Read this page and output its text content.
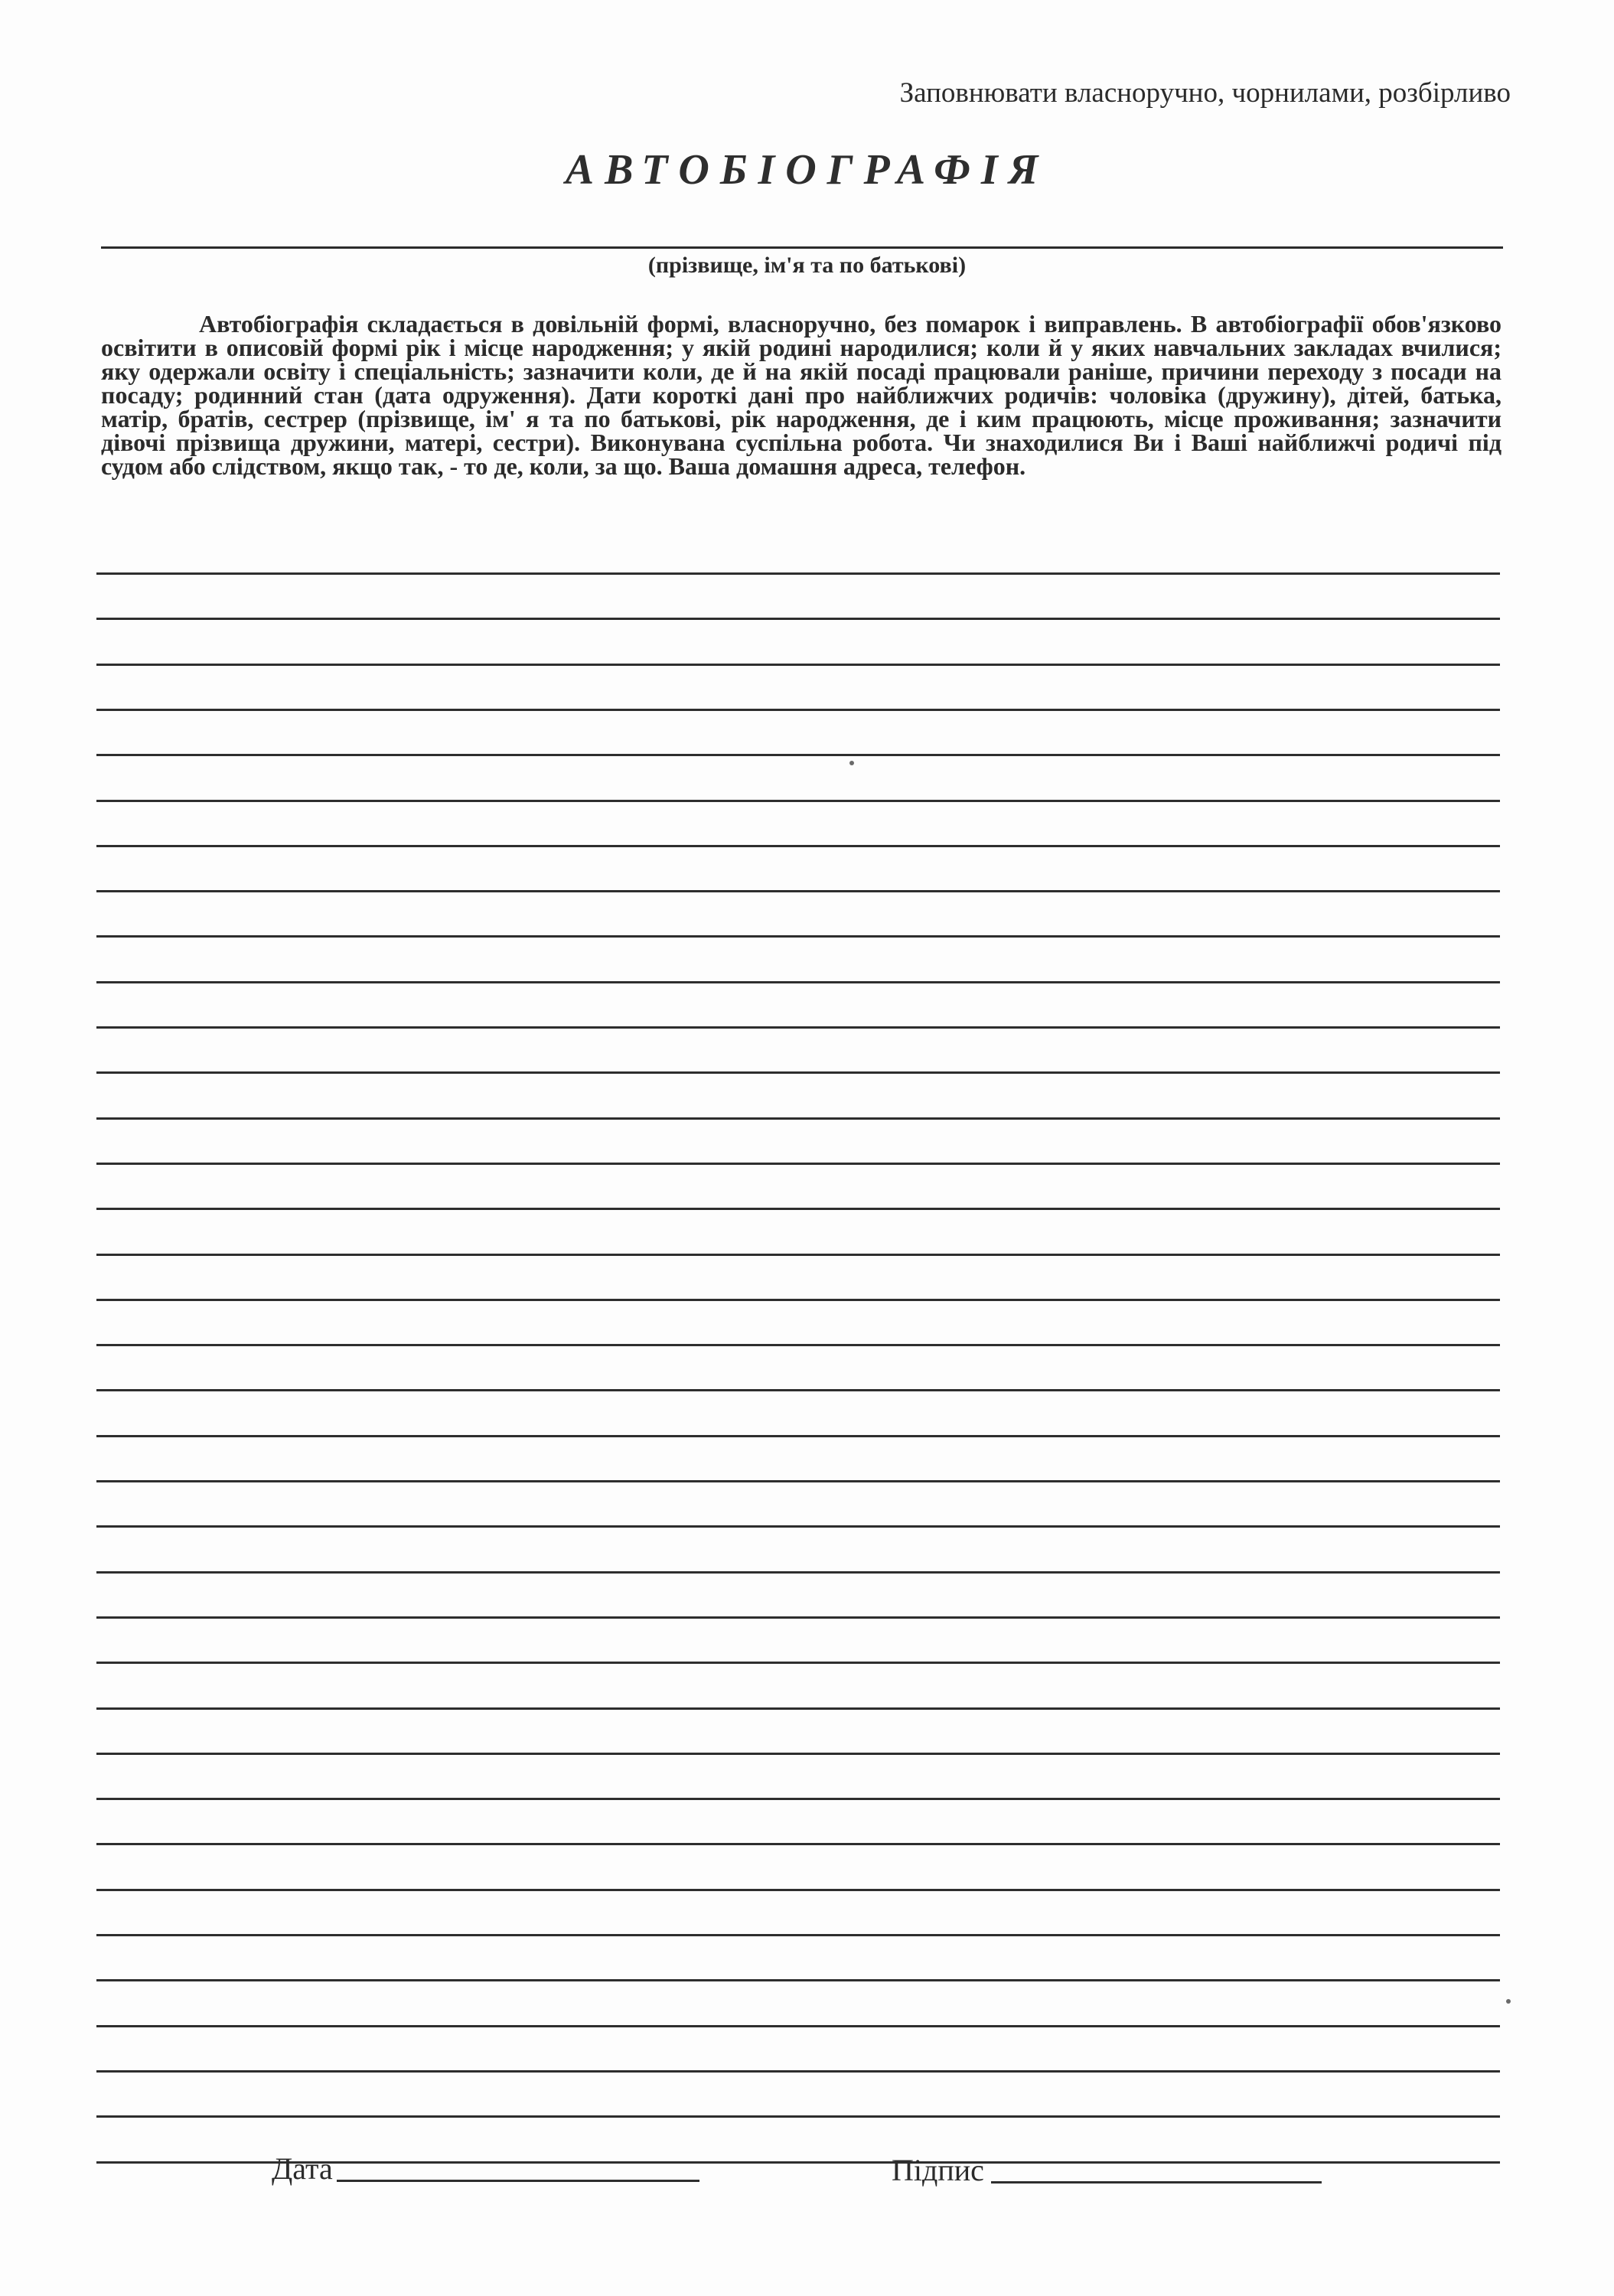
Заповнювати власноручно, чорнилами, розбірливо
АВТОБІОГРАФІЯ
(прізвище, ім'я та по батькові)
Автобіографія складається в довільній формі, власноручно, без помарок і виправлень. В автобіографії обов'язково освітити в описовій формі рік і місце народження; у якій родині народилися; коли й у яких навчальних закладах вчилися; яку одержали освіту і спеціальність; зазначити коли, де й на якій посаді працювали раніше, причини переходу з посади на посаду; родинний стан (дата одруження). Дати короткі дані про найближчих родичів: чоловіка (дружину), дітей, батька, матір, братів, сестрер (прізвище, ім' я та по батькові, рік народження, де і ким працюють, місце проживання; зазначити дівочі прізвища дружини, матері, сестри). Виконувана суспільна робота. Чи знаходилися Ви і Ваші найближчі родичі під судом або слідством, якщо так, - то де, коли, за що. Ваша домашня адреса, телефон.
Дата	Підпис
